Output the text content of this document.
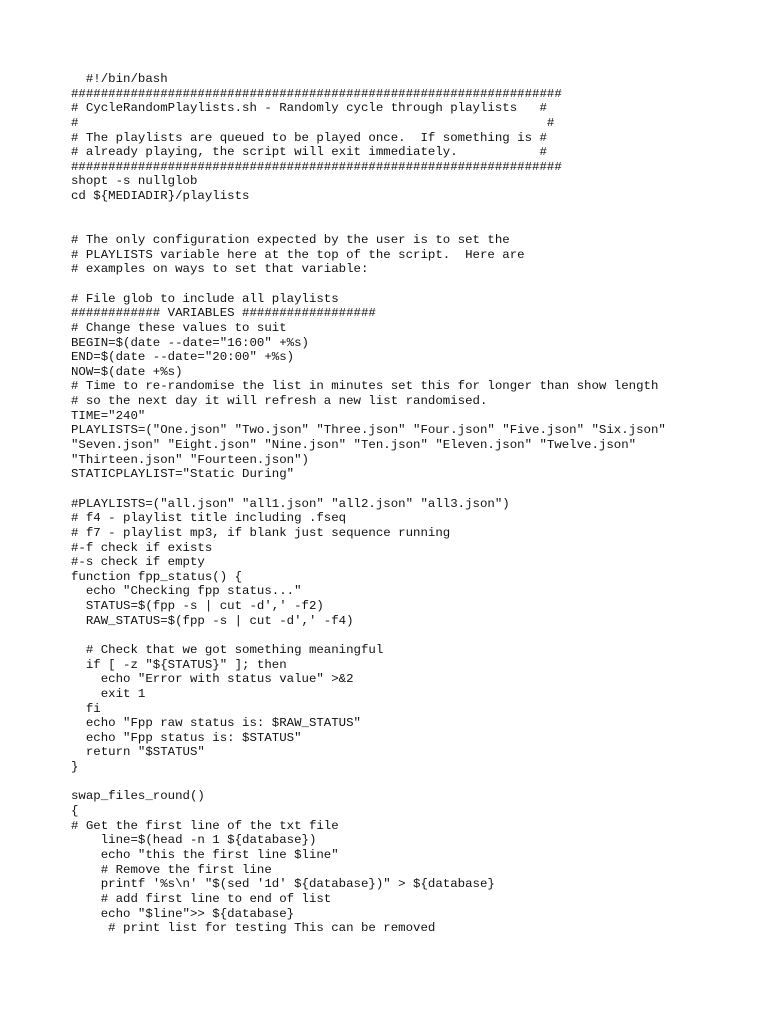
#!/bin/bash
##################################################################
# CycleRandomPlaylists.sh - Randomly cycle through playlists   #
#                                                               #
# The playlists are queued to be played once.  If something is #
# already playing, the script will exit immediately.           #
##################################################################
shopt -s nullglob
cd ${MEDIADIR}/playlists
# The only configuration expected by the user is to set the
# PLAYLISTS variable here at the top of the script.  Here are
# examples on ways to set that variable:
# File glob to include all playlists
############ VARIABLES ##################
# Change these values to suit
BEGIN=$(date --date="16:00" +%s)
END=$(date --date="20:00" +%s)
NOW=$(date +%s)
# Time to re-randomise the list in minutes set this for longer than show length
# so the next day it will refresh a new list randomised.
TIME="240"
PLAYLISTS=("One.json" "Two.json" "Three.json" "Four.json" "Five.json" "Six.json"
"Seven.json" "Eight.json" "Nine.json" "Ten.json" "Eleven.json" "Twelve.json"
"Thirteen.json" "Fourteen.json")
STATICPLAYLIST="Static During"
#PLAYLISTS=("all.json" "all1.json" "all2.json" "all3.json")
# f4 - playlist title including .fseq
# f7 - playlist mp3, if blank just sequence running
#-f check if exists
#-s check if empty
function fpp_status() {
echo "Checking fpp status..."
STATUS=$(fpp -s | cut -d',' -f2)
RAW_STATUS=$(fpp -s | cut -d',' -f4)
# Check that we got something meaningful
if [ -z "${STATUS}" ]; then
echo "Error with status value" >&2
exit 1
fi
echo "Fpp raw status is: $RAW_STATUS"
echo "Fpp status is: $STATUS"
return "$STATUS"
}
swap_files_round()
{
# Get the first line of the txt file
line=$(head -n 1 ${database})
echo "this the first line $line"
# Remove the first line
printf '%s\n' "$(sed '1d' ${database})" > ${database}
# add first line to end of list
echo "$line">> ${database}
# print list for testing This can be removed
